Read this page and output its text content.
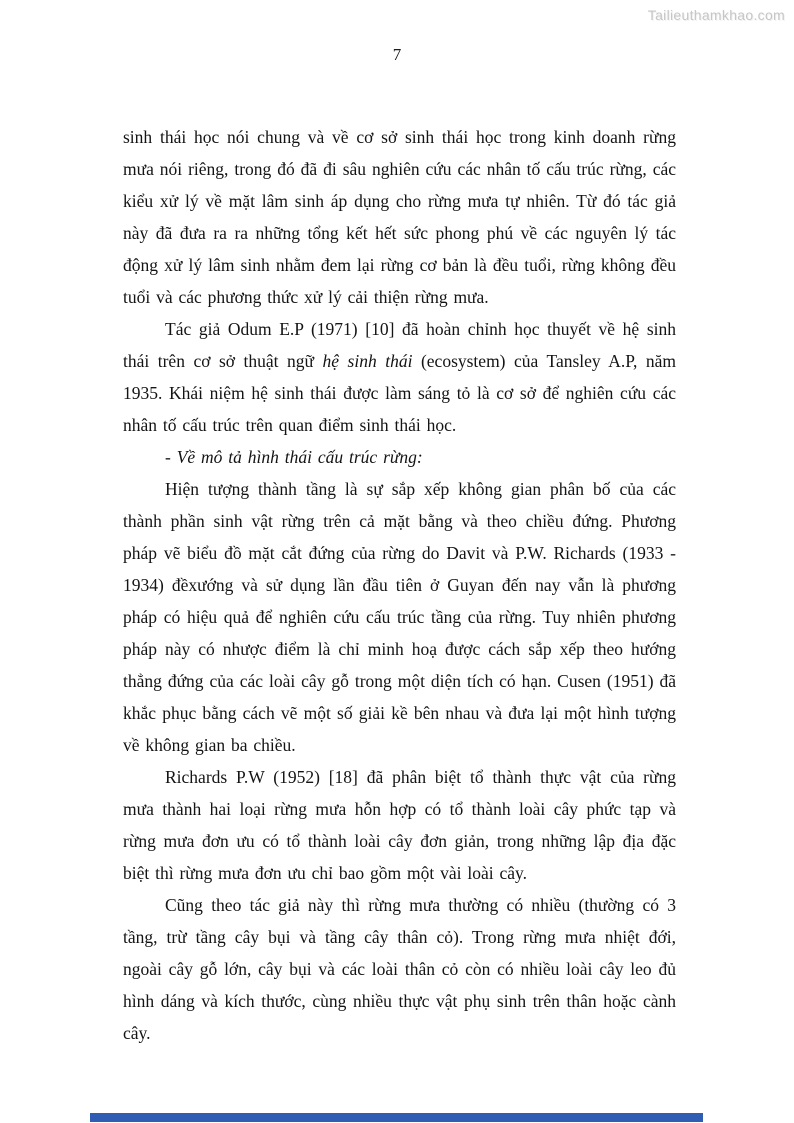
Tailieuthamkhao.com
7

sinh thái học nói chung và về cơ sở sinh thái học trong kinh doanh rừng mưa nói riêng, trong đó đã đi sâu nghiên cứu các nhân tố cấu trúc rừng, các kiểu xử lý về mặt lâm sinh áp dụng cho rừng mưa tự nhiên. Từ đó tác giả này đã đưa ra ra những tổng kết hết sức phong phú về các nguyên lý tác động xử lý lâm sinh nhằm đem lại rừng cơ bản là đều tuổi, rừng không đều tuổi và các phương thức xử lý cải thiện rừng mưa.

Tác giả Odum E.P (1971) [10] đã hoàn chỉnh học thuyết về hệ sinh thái trên cơ sở thuật ngữ hệ sinh thái (ecosystem) của Tansley A.P, năm 1935. Khái niệm hệ sinh thái được làm sáng tỏ là cơ sở để nghiên cứu các nhân tố cấu trúc trên quan điểm sinh thái học.

- Về mô tả hình thái cấu trúc rừng:

Hiện tượng thành tầng là sự sắp xếp không gian phân bố của các thành phần sinh vật rừng trên cả mặt bằng và theo chiều đứng. Phương pháp vẽ biểu đồ mặt cắt đứng của rừng do Davit và P.W. Richards (1933 - 1934) đềxướng và sử dụng lần đầu tiên ở Guyan đến nay vẫn là phương pháp có hiệu quả để nghiên cứu cấu trúc tầng của rừng. Tuy nhiên phương pháp này có nhược điểm là chỉ minh hoạ được cách sắp xếp theo hướng thẳng đứng của các loài cây gỗ trong một diện tích có hạn. Cusen (1951) đã khắc phục bằng cách vẽ một số giải kề bên nhau và đưa lại một hình tượng về không gian ba chiều.

Richards P.W (1952) [18] đã phân biệt tổ thành thực vật của rừng mưa thành hai loại rừng mưa hỗn hợp có tổ thành loài cây phức tạp và rừng mưa đơn ưu có tổ thành loài cây đơn giản, trong những lập địa đặc biệt thì rừng mưa đơn ưu chỉ bao gồm một vài loài cây.

Cũng theo tác giả này thì rừng mưa thường có nhiều (thường có 3 tầng, trừ tầng cây bụi và tầng cây thân cỏ). Trong rừng mưa nhiệt đới, ngoài cây gỗ lớn, cây bụi và các loài thân cỏ còn có nhiều loài cây leo đủ hình dáng và kích thước, cùng nhiều thực vật phụ sinh trên thân hoặc cành cây.
